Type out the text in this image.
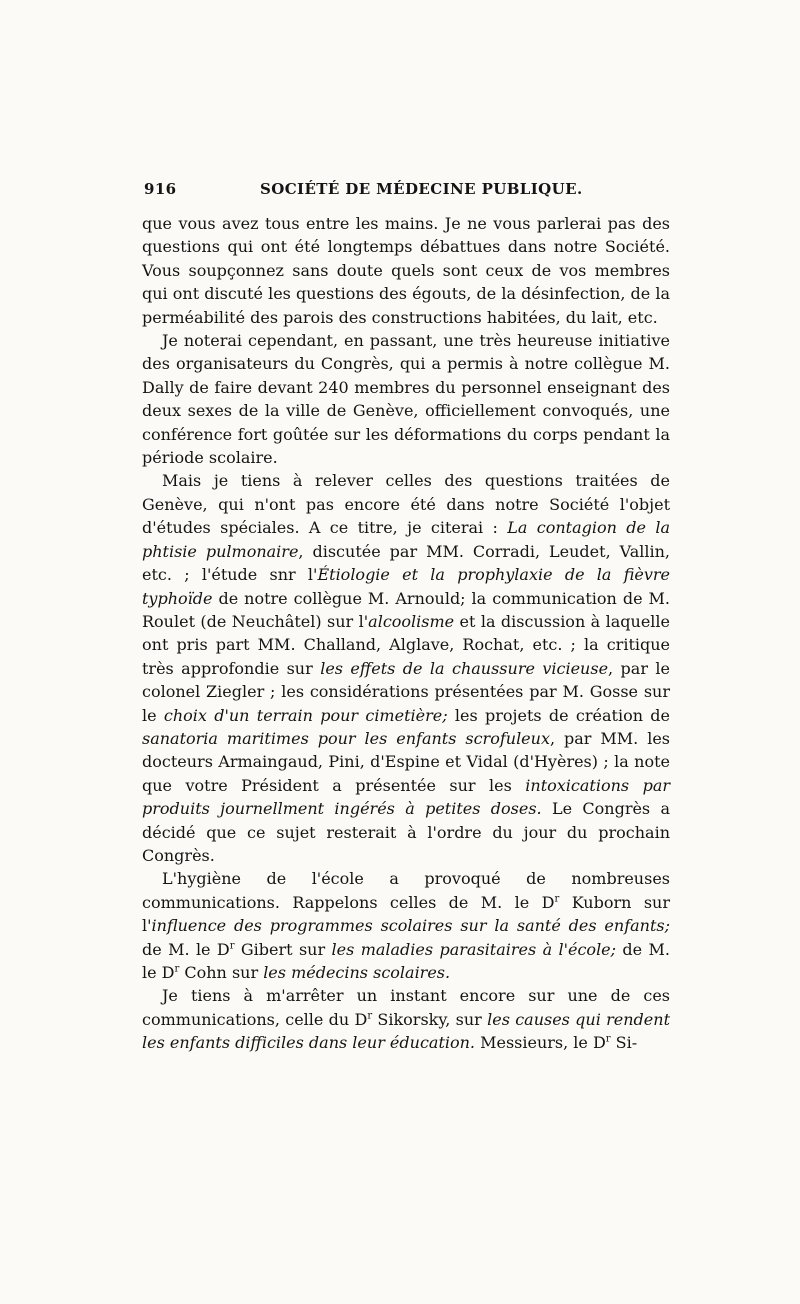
916	SOCIÉTÉ DE MÉDECINE PUBLIQUE.

que vous avez tous entre les mains. Je ne vous parlerai pas des questions qui ont été longtemps débattues dans notre Société. Vous soupçonnez sans doute quels sont ceux de vos membres qui ont discuté les questions des égouts, de la désinfection, de la perméabilité des parois des constructions habitées, du lait, etc.

Je noterai cependant, en passant, une très heureuse initiative des organisateurs du Congrès, qui a permis à notre collègue M. Dally de faire devant 240 membres du personnel enseignant des deux sexes de la ville de Genève, officiellement convoqués, une conférence fort goûtée sur les déformations du corps pendant la période scolaire.

Mais je tiens à relever celles des questions traitées de Genève, qui n'ont pas encore été dans notre Société l'objet d'études spéciales. A ce titre, je citerai : La contagion de la phtisie pulmonaire, discutée par MM. Corradi, Leudet, Vallin, etc. ; l'étude snr l'Étiologie et la prophylaxie de la fièvre typhoïde de notre collègue M. Arnould; la communication de M. Roulet (de Neuchâtel) sur l'alcoolisme et la discussion à laquelle ont pris part MM. Challand, Alglave, Rochat, etc. ; la critique très approfondie sur les effets de la chaussure vicieuse, par le colonel Ziegler ; les considérations présentées par M. Gosse sur le choix d'un terrain pour cimetière; les projets de création de sanatoria maritimes pour les enfants scrofuleux, par MM. les docteurs Armaingaud, Pini, d'Espine et Vidal (d'Hyères) ; la note que votre Président a présentée sur les intoxications par produits journellment ingérés à petites doses. Le Congrès a décidé que ce sujet resterait à l'ordre du jour du prochain Congrès.

L'hygiène de l'école a provoqué de nombreuses communications. Rappelons celles de M. le $D^r$ Kuborn sur l'influence des programmes scolaires sur la santé des enfants; de M. le $D^r$ Gibert sur les maladies parasitaires à l'école; de M. le $D^r$ Cohn sur les médecins scolaires.

Je tiens à m'arrêter un instant encore sur une de ces communications, celle du $D^r$ Sikorsky, sur les causes qui rendent les enfants difficiles dans leur éducation. Messieurs, le $D^r$ Si-
